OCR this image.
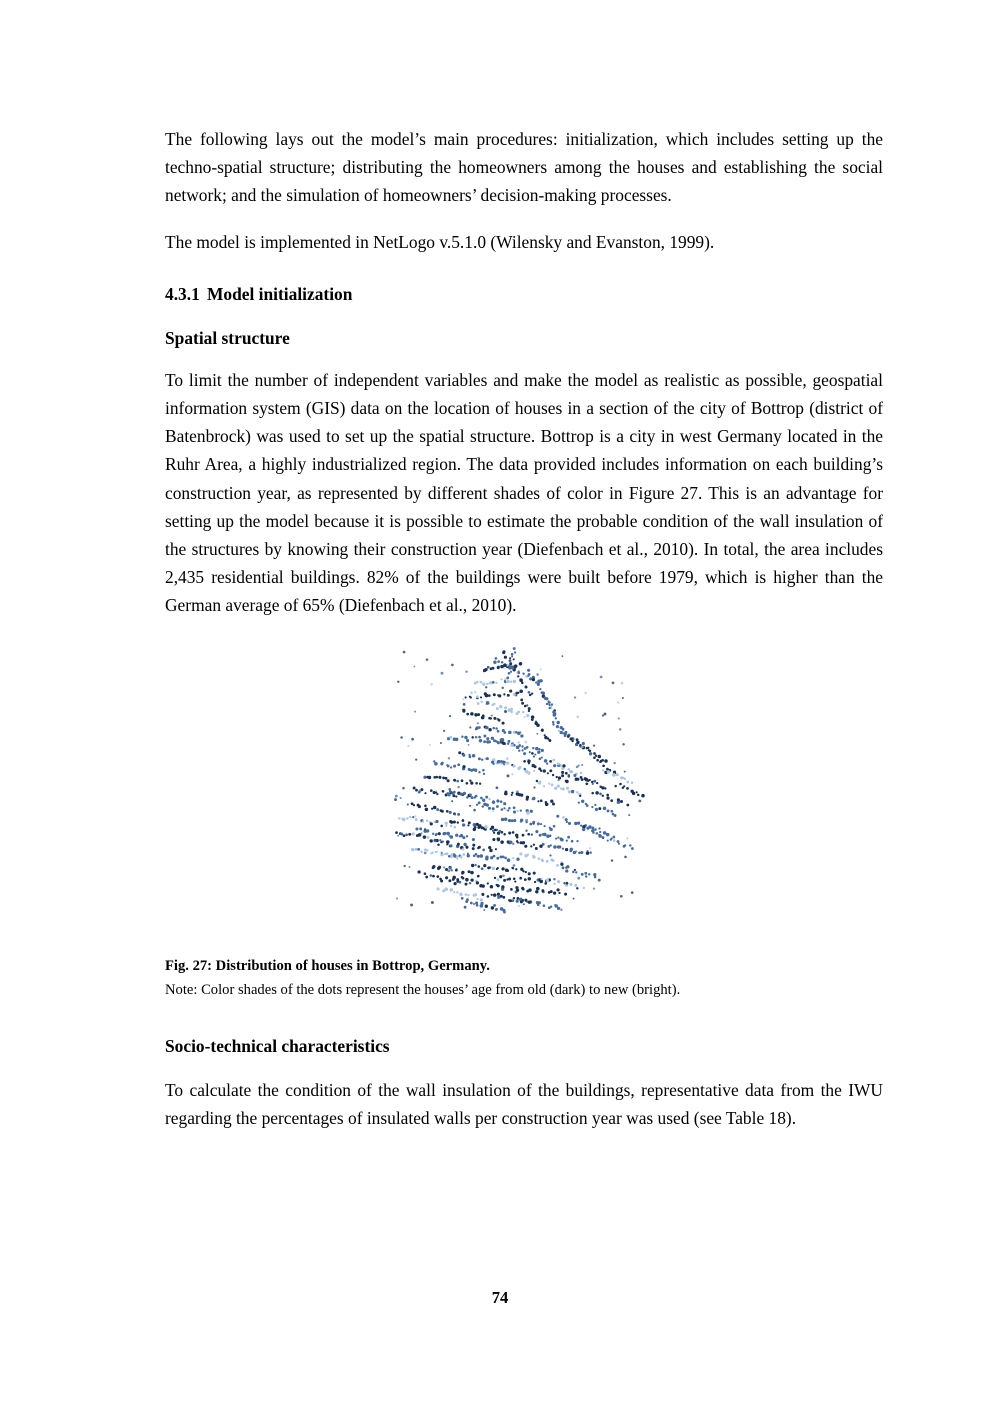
The following lays out the model’s main procedures: initialization, which includes setting up the techno-spatial structure; distributing the homeowners among the houses and establishing the social network; and the simulation of homeowners’ decision-making processes.

The model is implemented in NetLogo v.5.1.0 (Wilensky and Evanston, 1999).

4.3.1 Model initialization
Spatial structure

To limit the number of independent variables and make the model as realistic as possible, geospatial information system (GIS) data on the location of houses in a section of the city of Bottrop (district of Batenbrock) was used to set up the spatial structure. Bottrop is a city in west Germany located in the Ruhr Area, a highly industrialized region. The data provided includes information on each building’s construction year, as represented by different shades of color in Figure 27. This is an advantage for setting up the model because it is possible to estimate the probable condition of the wall insulation of the structures by knowing their construction year (Diefenbach et al., 2010). In total, the area includes 2,435 residential buildings. 82% of the buildings were built before 1979, which is higher than the German average of 65% (Diefenbach et al., 2010).

Fig. 27: Distribution of houses in Bottrop, Germany.
Note: Color shades of the dots represent the houses’ age from old (dark) to new (bright).
Socio-technical characteristics

To calculate the condition of the wall insulation of the buildings, representative data from the IWU regarding the percentages of insulated walls per construction year was used (see Table 18).

74
